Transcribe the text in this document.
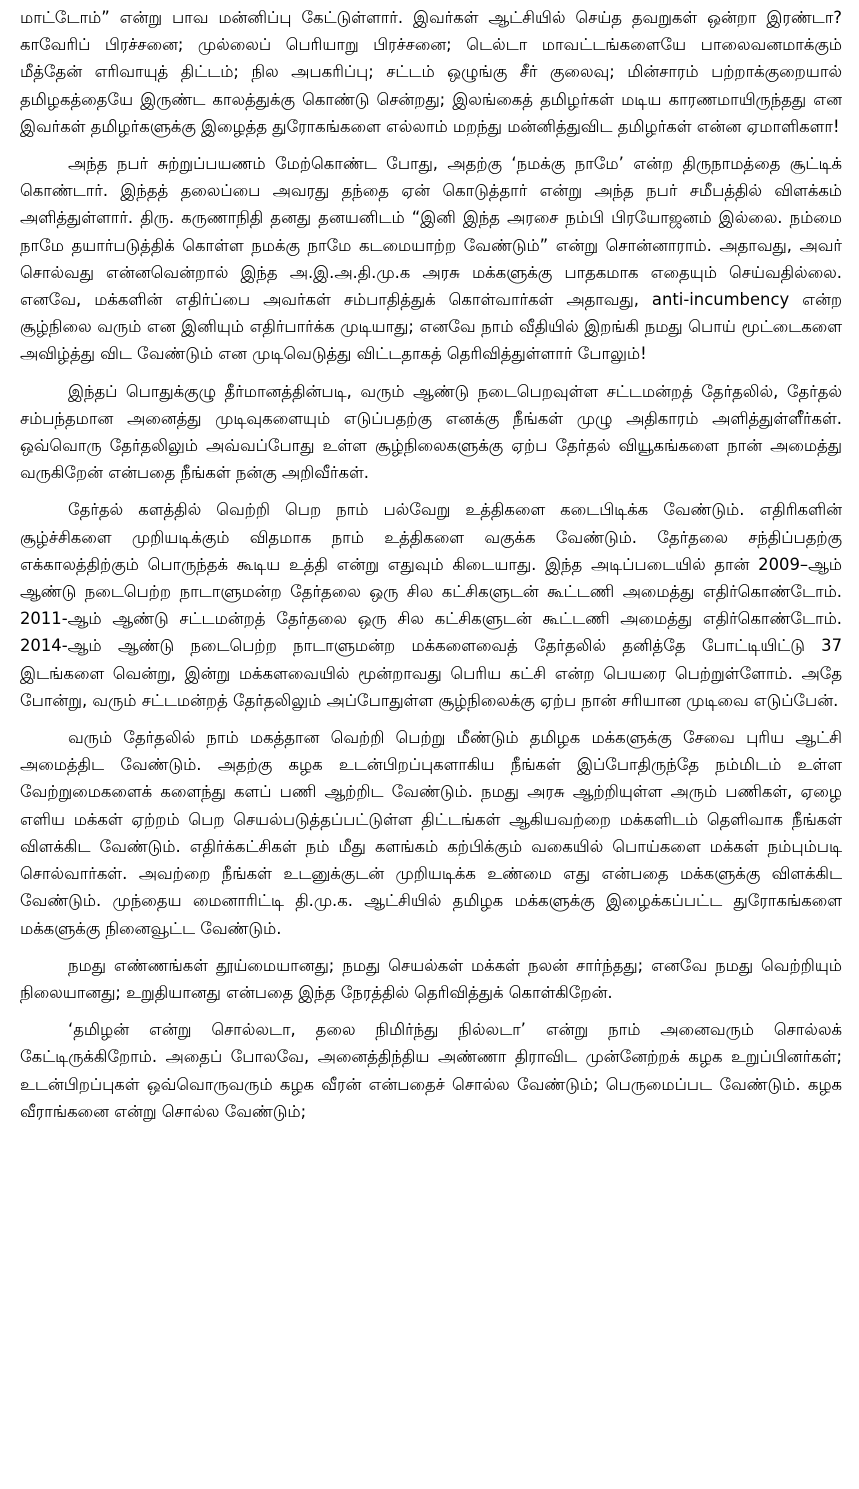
மாட்டோம்” என்று பாவ மன்னிப்பு கேட்டுள்ளார். இவர்கள் ஆட்சியில் செய்த தவறுகள் ஒன்றா இரண்டா? காவேரிப் பிரச்சனை; முல்லைப் பெரியாறு பிரச்சனை; டெல்டா மாவட்டங்களையே பாலைவனமாக்கும் மீத்தேன் எரிவாயுத் திட்டம்; நில அபகரிப்பு; சட்டம் ஒழுங்கு சீர் குலைவு; மின்சாரம் பற்றாக்குறையால் தமிழகத்தையே இருண்ட காலத்துக்கு கொண்டு சென்றது; இலங்கைத் தமிழர்கள் மடிய காரணமாயிருந்தது என இவர்கள் தமிழர்களுக்கு இழைத்த துரோகங்களை எல்லாம் மறந்து மன்னித்துவிட தமிழர்கள் என்ன ஏமாளிகளா!

அந்த நபர் சுற்றுப்பயணம் மேற்கொண்ட போது, அதற்கு ‘நமக்கு நாமே’ என்ற திருநாமத்தை சூட்டிக் கொண்டார். இந்தத் தலைப்பை அவரது தந்தை ஏன் கொடுத்தார் என்று அந்த நபர் சமீபத்தில் விளக்கம் அளித்துள்ளார். திரு. கருணாநிதி தனது தனயனிடம் “இனி இந்த அரசை நம்பி பிரயோஜனம் இல்லை. நம்மை நாமே தயார்படுத்திக் கொள்ள நமக்கு நாமே கடமையாற்ற வேண்டும்” என்று சொன்னாராம். அதாவது, அவர் சொல்வது என்னவென்றால் இந்த அ.இ.அ.தி.மு.க அரசு மக்களுக்கு பாதகமாக எதையும் செய்வதில்லை. எனவே, மக்களின் எதிர்ப்பை அவர்கள் சம்பாதித்துக் கொள்வார்கள் அதாவது, anti-incumbency என்ற சூழ்நிலை வரும் என இனியும் எதிர்பார்க்க முடியாது; எனவே நாம் வீதியில் இறங்கி நமது பொய் மூட்டைகளை அவிழ்த்து விட வேண்டும் என முடிவெடுத்து விட்டதாகத் தெரிவித்துள்ளார் போலும்!

இந்தப் பொதுக்குழு தீர்மானத்தின்படி, வரும் ஆண்டு நடைபெறவுள்ள சட்டமன்றத் தேர்தலில், தேர்தல் சம்பந்தமான அனைத்து முடிவுகளையும் எடுப்பதற்கு எனக்கு நீங்கள் முழு அதிகாரம் அளித்துள்ளீர்கள். ஒவ்வொரு தேர்தலிலும் அவ்வப்போது உள்ள சூழ்நிலைகளுக்கு ஏற்ப தேர்தல் வியூகங்களை நான் அமைத்து வருகிறேன் என்பதை நீங்கள் நன்கு அறிவீர்கள்.

தேர்தல் களத்தில் வெற்றி பெற நாம் பல்வேறு உத்திகளை கடைபிடிக்க வேண்டும். எதிரிகளின் சூழ்ச்சிகளை முறியடிக்கும் விதமாக நாம் உத்திகளை வகுக்க வேண்டும். தேர்தலை சந்திப்பதற்கு எக்காலத்திற்கும் பொருந்தக் கூடிய உத்தி என்று எதுவும் கிடையாது. இந்த அடிப்படையில் தான் 2009–ஆம் ஆண்டு நடைபெற்ற நாடாளுமன்ற தேர்தலை ஒரு சில கட்சிகளுடன் கூட்டணி அமைத்து எதிர்கொண்டோம். 2011-ஆம் ஆண்டு சட்டமன்றத் தேர்தலை ஒரு சில கட்சிகளுடன் கூட்டணி அமைத்து எதிர்கொண்டோம். 2014-ஆம் ஆண்டு நடைபெற்ற நாடாளுமன்ற மக்களைவைத் தேர்தலில் தனித்தே போட்டியிட்டு 37 இடங்களை வென்று, இன்று மக்களவையில் மூன்றாவது பெரிய கட்சி என்ற பெயரை பெற்றுள்ளோம். அதே போன்று, வரும் சட்டமன்றத் தேர்தலிலும் அப்போதுள்ள சூழ்நிலைக்கு ஏற்ப நான் சரியான முடிவை எடுப்பேன்.

வரும் தேர்தலில் நாம் மகத்தான வெற்றி பெற்று மீண்டும் தமிழக மக்களுக்கு சேவை புரிய ஆட்சி அமைத்திட வேண்டும். அதற்கு கழக உடன்பிறப்புகளாகிய நீங்கள் இப்போதிருந்தே நம்மிடம் உள்ள வேற்றுமைகளைக் களைந்து களப் பணி ஆற்றிட வேண்டும். நமது அரசு ஆற்றியுள்ள அரும் பணிகள், ஏழை எளிய மக்கள் ஏற்றம் பெற செயல்படுத்தப்பட்டுள்ள திட்டங்கள் ஆகியவற்றை மக்களிடம் தெளிவாக நீங்கள் விளக்கிட வேண்டும். எதிர்க்கட்சிகள் நம் மீது களங்கம் கற்பிக்கும் வகையில் பொய்களை மக்கள் நம்பும்படி சொல்வார்கள். அவற்றை நீங்கள் உடனுக்குடன் முறியடிக்க உண்மை எது என்பதை மக்களுக்கு விளக்கிட வேண்டும். முந்தைய மைனாரிட்டி தி.மு.க. ஆட்சியில் தமிழக மக்களுக்கு இழைக்கப்பட்ட துரோகங்களை மக்களுக்கு நினைவூட்ட வேண்டும்.

நமது எண்ணங்கள் தூய்மையானது; நமது செயல்கள் மக்கள் நலன் சார்ந்தது; எனவே நமது வெற்றியும் நிலையானது; உறுதியானது என்பதை இந்த நேரத்தில் தெரிவித்துக் கொள்கிறேன்.

‘தமிழன் என்று சொல்லடா, தலை நிமிர்ந்து நில்லடா’ என்று நாம் அனைவரும் சொல்லக் கேட்டிருக்கிறோம். அதைப் போலவே, அனைத்திந்திய அண்ணா திராவிட முன்னேற்றக் கழக உறுப்பினர்கள்; உடன்பிறப்புகள் ஒவ்வொருவரும் கழக வீரன் என்பதைச் சொல்ல வேண்டும்; பெருமைப்பட வேண்டும். கழக வீராங்கனை என்று சொல்ல வேண்டும்;
